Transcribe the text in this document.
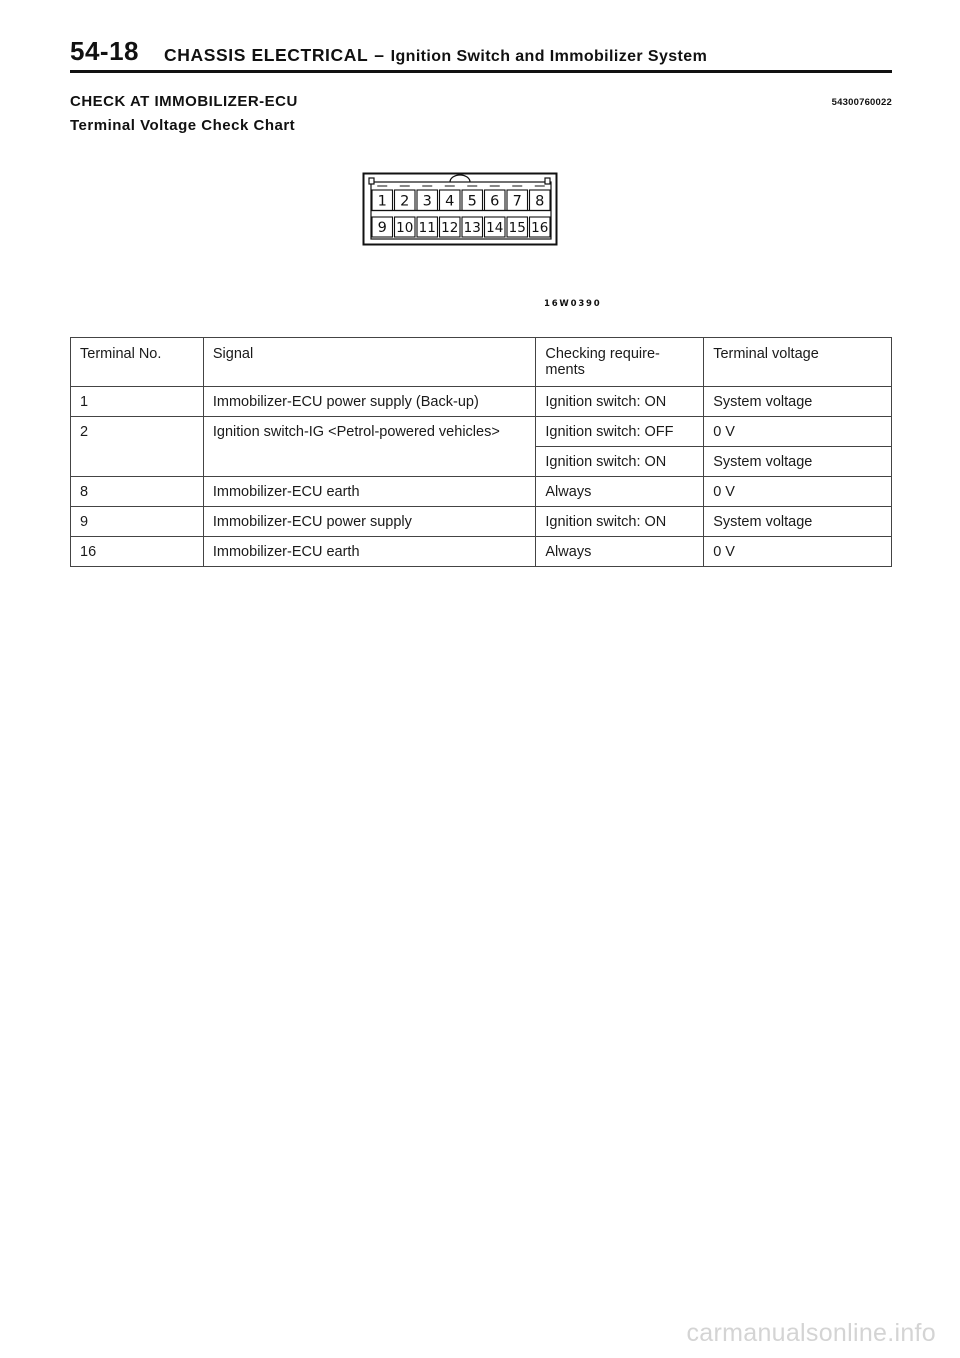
54-18 CHASSIS ELECTRICAL – Ignition Switch and Immobilizer System
CHECK AT IMMOBILIZER-ECU	54300760022
Terminal Voltage Check Chart
1 2 3 4 5 6 7 8
9 10 11 12 13 14 15 16
16W0390
Terminal No.	Signal	Checking require- ments	Terminal voltage
1	Immobilizer-ECU power supply (Back-up)	Ignition switch: ON	System voltage
2	Ignition switch-IG <Petrol-powered vehicles>	Ignition switch: OFF	0 V
		Ignition switch: ON	System voltage
8	Immobilizer-ECU earth	Always	0 V
9	Immobilizer-ECU power supply	Ignition switch: ON	System voltage
16	Immobilizer-ECU earth	Always	0 V
carmanualsonline.info
